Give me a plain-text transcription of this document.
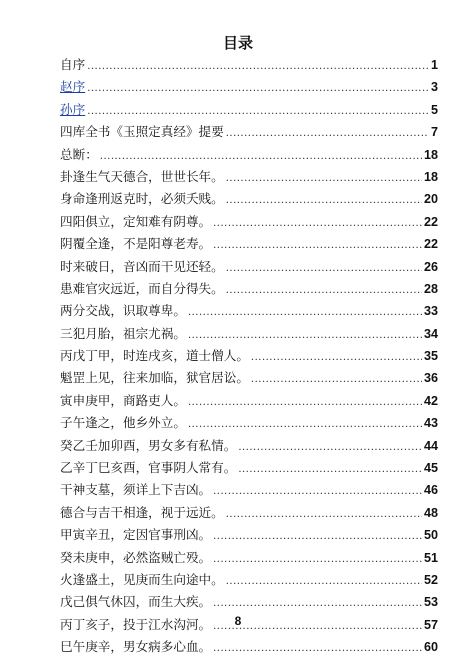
目录
自序 .....	1
赵序 .....	3
孙序 .....	5
四库全书《玉照定真经》提要 .....	7
总断： .....	18
卦逢生气天德合，世世长年。 .....	18
身命逢刑返克时，必须夭贱。 .....	20
四阳俱立，定知难有阴尊。 .....	22
阴覆全逢，不是阳尊老寿。 .....	22
时来破日，音凶而干见还轻。 .....	26
患难官灾远近，而自分得失。 .....	28
两分交战，识取尊卑。 .....	33
三犯月胎，祖宗尤祸。 .....	34
丙戊丁甲，时连戌亥，道士僧人。 .....	35
魁罡上见，往来加临，狱官居讼。 .....	36
寅申庚甲，商路吏人。 .....	42
子午逢之，他乡外立。 .....	43
癸乙壬加卯酉，男女多有私情。 .....	44
乙辛丁巳亥酉，官事阴人常有。 .....	45
干神支墓，须详上下吉凶。 .....	46
德合与吉干相逢，视于远近。 .....	48
甲寅辛丑，定因官事刑凶。 .....	50
癸未庚申，必然盗贼亡殁。 .....	51
火逢盛土，见庚而生向途中。 .....	52
戊己俱气休囚，而生大疾。 .....	53
丙丁亥子，投于江水沟河。 .....	57
巳午庚辛，男女病多心血。 .....	60
8
